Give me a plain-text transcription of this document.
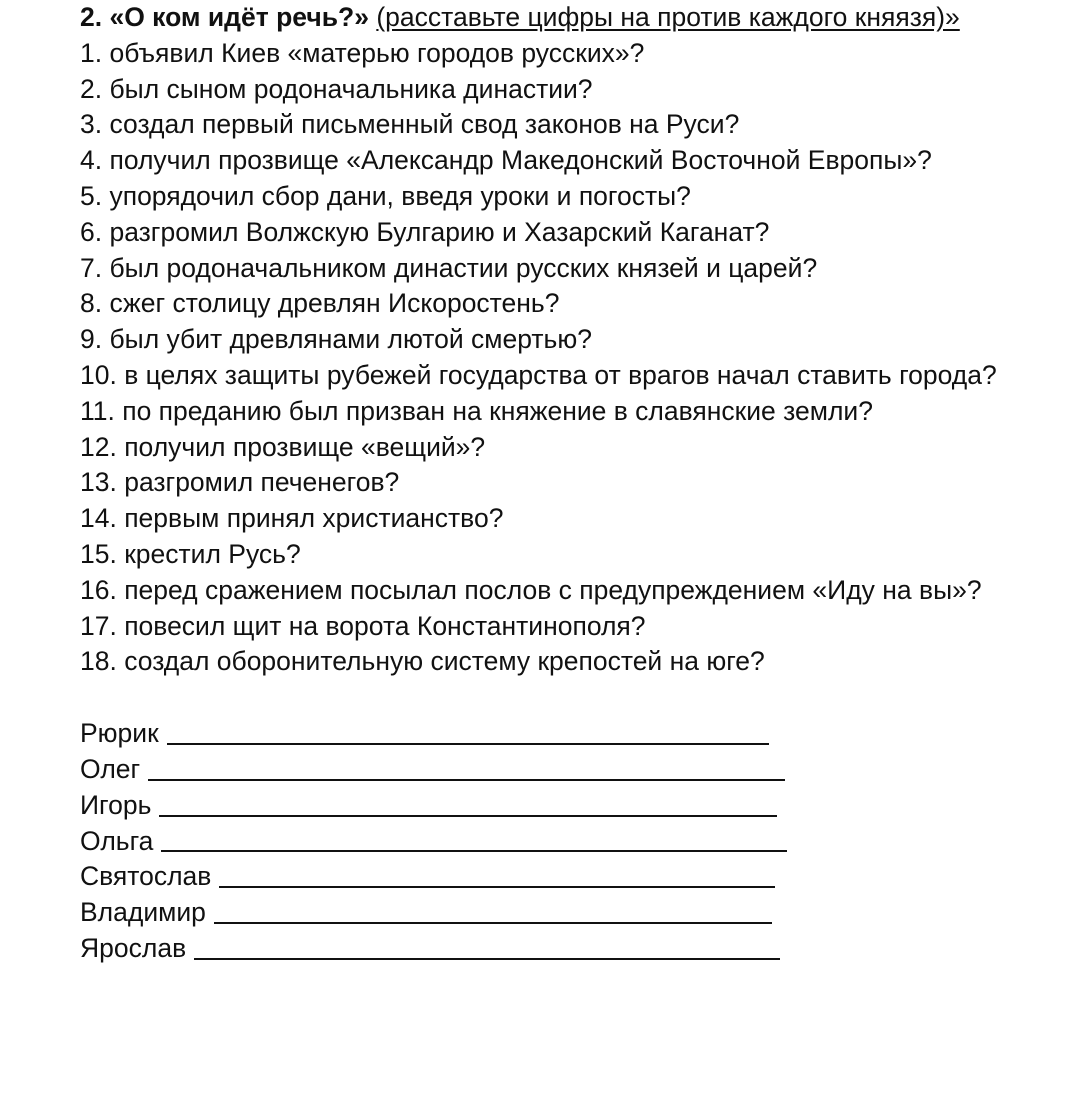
2. «О ком идёт речь?» (расставьте цифры на против каждого княязя)»

1. объявил Киев «матерью городов русских»?
2. был сыном родоначальника династии?
3. создал первый письменный свод законов на Руси?
4. получил прозвище «Александр Македонский Восточной Европы»?
5. упорядочил сбор дани, введя уроки и погосты?
6. разгромил Волжскую Булгарию и Хазарский Каганат?
7. был родоначальником династии русских князей и царей?
8. сжег столицу древлян Искоростень?
9. был убит древлянами лютой смертью?
10. в целях защиты рубежей государства от врагов начал ставить города?
11. по преданию был призван на княжение в славянские земли?
12. получил прозвище «вещий»?
13. разгромил печенегов?
14. первым принял христианство?
15. крестил Русь?
16. перед сражением посылал послов с предупреждением «Иду на вы»?
17. повесил щит на ворота Константинополя?
18. создал оборонительную систему крепостей на юге?
Рюрик
Олег
Игорь
Ольга
Святослав
Владимир
Ярослав
